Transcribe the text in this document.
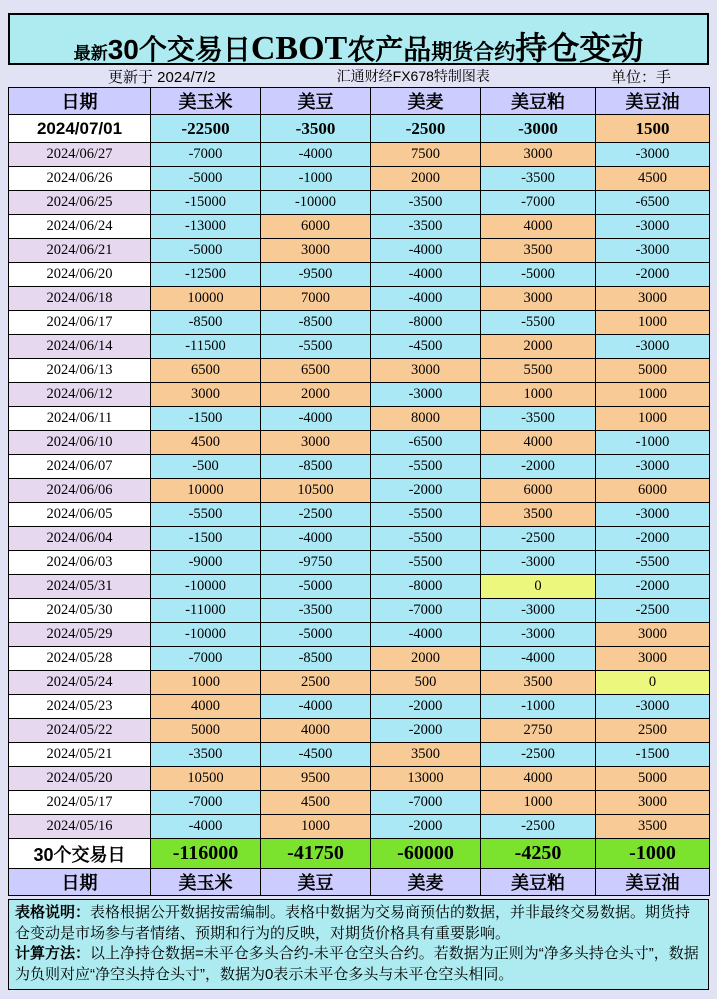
最新 30个交易日 CBOT 农产品 期货合约 持仓变动
更新于 2024/7/2	汇通财经FX678特制图表	单位：手
日期	美玉米	美豆	美麦	美豆粕	美豆油
2024/07/01	-22500	-3500	-2500	-3000	1500
2024/06/27	-7000	-4000	7500	3000	-3000
2024/06/26	-5000	-1000	2000	-3500	4500
2024/06/25	-15000	-10000	-3500	-7000	-6500
2024/06/24	-13000	6000	-3500	4000	-3000
2024/06/21	-5000	3000	-4000	3500	-3000
2024/06/20	-12500	-9500	-4000	-5000	-2000
2024/06/18	10000	7000	-4000	3000	3000
2024/06/17	-8500	-8500	-8000	-5500	1000
2024/06/14	-11500	-5500	-4500	2000	-3000
2024/06/13	6500	6500	3000	5500	5000
2024/06/12	3000	2000	-3000	1000	1000
2024/06/11	-1500	-4000	8000	-3500	1000
2024/06/10	4500	3000	-6500	4000	-1000
2024/06/07	-500	-8500	-5500	-2000	-3000
2024/06/06	10000	10500	-2000	6000	6000
2024/06/05	-5500	-2500	-5500	3500	-3000
2024/06/04	-1500	-4000	-5500	-2500	-2000
2024/06/03	-9000	-9750	-5500	-3000	-5500
2024/05/31	-10000	-5000	-8000	0	-2000
2024/05/30	-11000	-3500	-7000	-3000	-2500
2024/05/29	-10000	-5000	-4000	-3000	3000
2024/05/28	-7000	-8500	2000	-4000	3000
2024/05/24	1000	2500	500	3500	0
2024/05/23	4000	-4000	-2000	-1000	-3000
2024/05/22	5000	4000	-2000	2750	2500
2024/05/21	-3500	-4500	3500	-2500	-1500
2024/05/20	10500	9500	13000	4000	5000
2024/05/17	-7000	4500	-7000	1000	3000
2024/05/16	-4000	1000	-2000	-2500	3500
30个交易日	-116000	-41750	-60000	-4250	-1000
日期	美玉米	美豆	美麦	美豆粕	美豆油
表格说明：表格根据公开数据按需编制。表格中数据为交易商预估的数据，并非最终交易数据。期货持仓变动是市场参与者情绪、预期和行为的反映，对期货价格具有重要影响。
计算方法：以上净持仓数据=未平仓多头合约-未平仓空头合约。若数据为正则为“净多头持仓头寸”，数据为负则对应“净空头持仓头寸”，数据为0表示未平仓多头与未平仓空头相同。
